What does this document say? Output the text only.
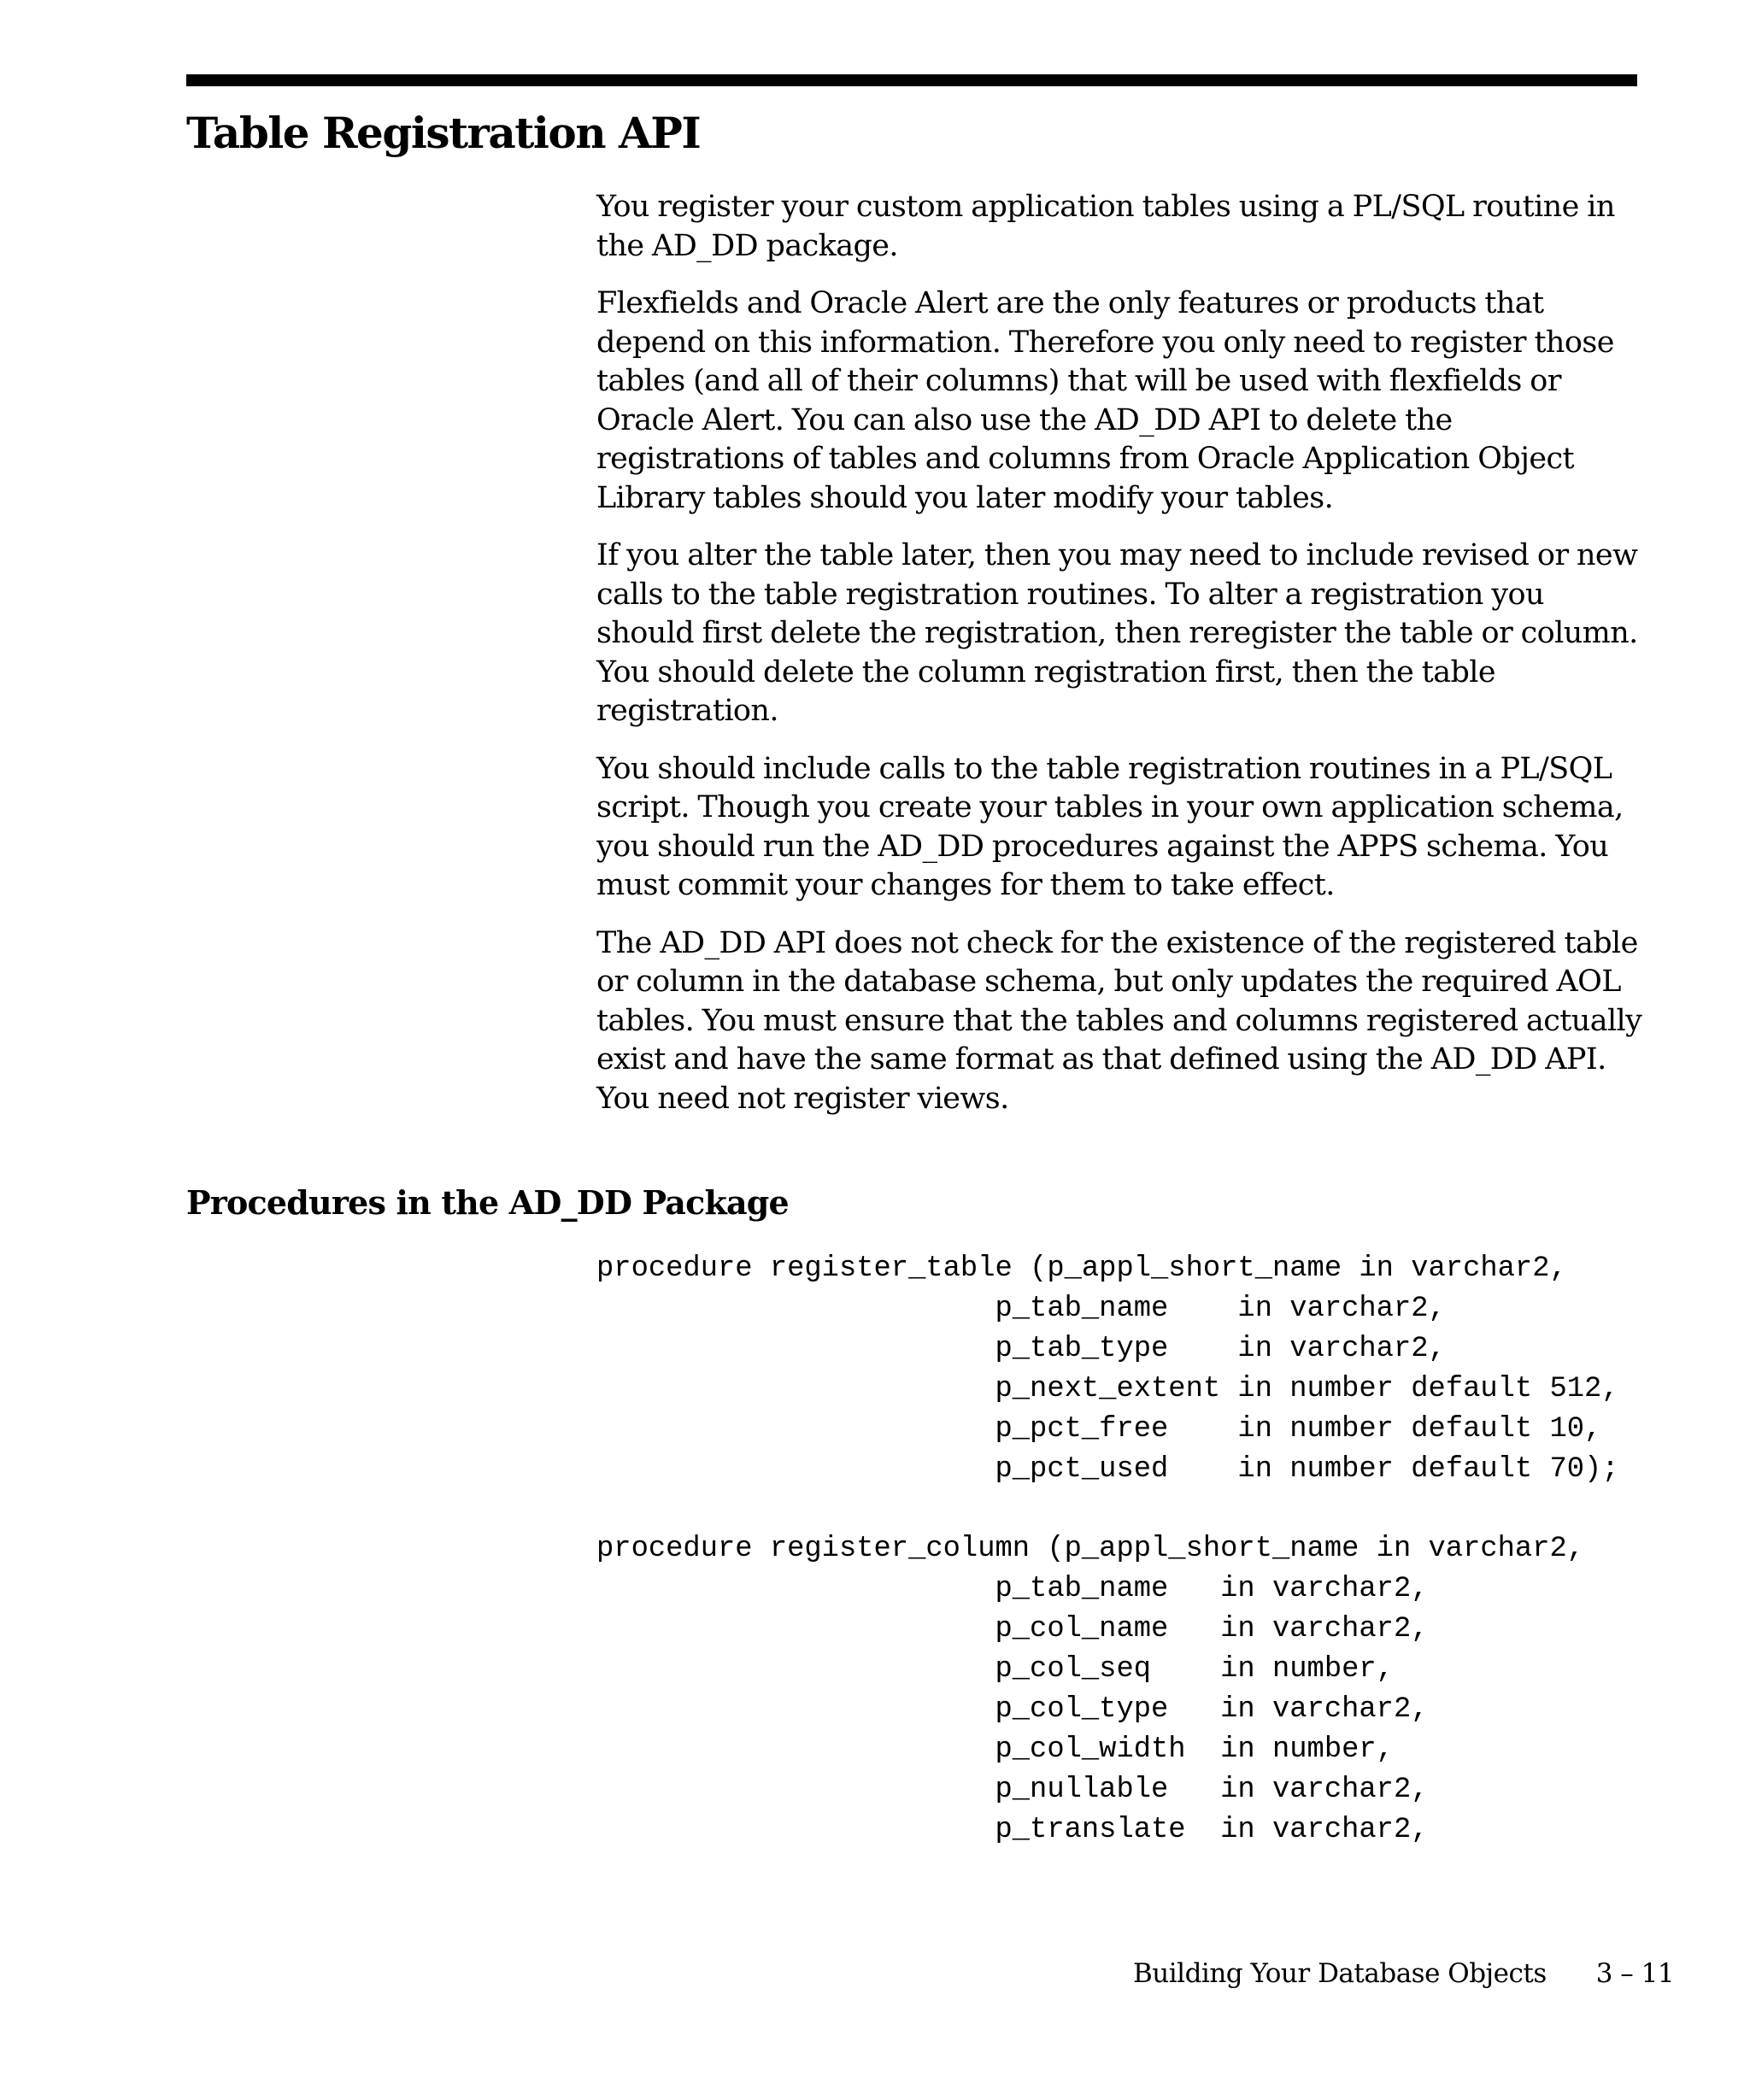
Table Registration API

You register your custom application tables using a PL/SQL routine in the AD_DD package.

Flexfields and Oracle Alert are the only features or products that depend on this information. Therefore you only need to register those tables (and all of their columns) that will be used with flexfields or Oracle Alert. You can also use the AD_DD API to delete the registrations of tables and columns from Oracle Application Object Library tables should you later modify your tables.

If you alter the table later, then you may need to include revised or new calls to the table registration routines. To alter a registration you should first delete the registration, then reregister the table or column. You should delete the column registration first, then the table registration.

You should include calls to the table registration routines in a PL/SQL script. Though you create your tables in your own application schema, you should run the AD_DD procedures against the APPS schema. You must commit your changes for them to take effect.

The AD_DD API does not check for the existence of the registered table or column in the database schema, but only updates the required AOL tables. You must ensure that the tables and columns registered actually exist and have the same format as that defined using the AD_DD API. You need not register views.

Procedures in the AD_DD Package
procedure register_table (p_appl_short_name in varchar2,
p_tab_name    in varchar2,
p_tab_type    in varchar2,
p_next_extent in number default 512,
p_pct_free    in number default 10,
p_pct_used    in number default 70);
procedure register_column (p_appl_short_name in varchar2,
p_tab_name   in varchar2,
p_col_name   in varchar2,
p_col_seq    in number,
p_col_type   in varchar2,
p_col_width  in number,
p_nullable   in varchar2,
p_translate  in varchar2,
Building Your Database Objects 3 – 11
